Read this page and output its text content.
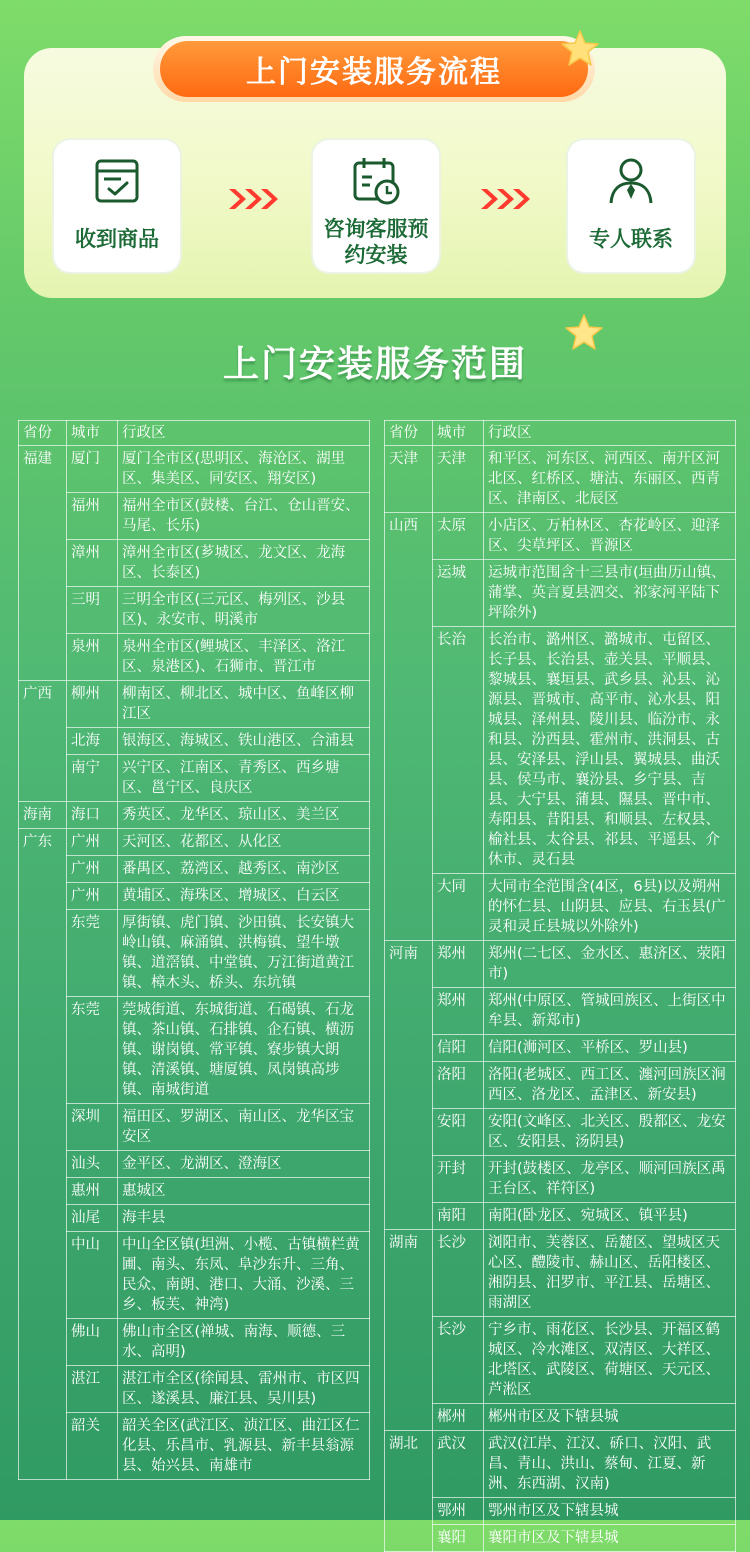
上门安装服务流程
收到商品	咨询客服预约安装
专人联系
上门安装服务范围
省份	城市	行政区
福建	厦门	厦门全市区(思明区、海沧区、湖里区、集美区、同安区、翔安区)
	福州	福州全市区(鼓楼、台江、仓山晋安、马尾、长乐)
	漳州	漳州全市区(芗城区、龙文区、龙海区、长泰区)
	三明	三明全市区(三元区、梅列区、沙县区)、永安市、明溪市
	泉州	泉州全市区(鲤城区、丰泽区、洛江区、泉港区)、石狮市、晋江市
广西	柳州	柳南区、柳北区、城中区、鱼峰区柳江区
	北海	银海区、海城区、铁山港区、合浦县
	南宁	兴宁区、江南区、青秀区、西乡塘区、邕宁区、良庆区
海南	海口	秀英区、龙华区、琼山区、美兰区
广东	广州	天河区、花都区、从化区
	广州	番禺区、荔湾区、越秀区、南沙区
	广州	黄埔区、海珠区、增城区、白云区
	东莞	厚街镇、虎门镇、沙田镇、长安镇大岭山镇、麻涌镇、洪梅镇、望牛墩镇、道滘镇、中堂镇、万江街道黄江镇、樟木头、桥头、东坑镇
	东莞	莞城街道、东城街道、石碣镇、石龙镇、茶山镇、石排镇、企石镇、横沥镇、谢岗镇、常平镇、寮步镇大朗镇、清溪镇、塘厦镇、凤岗镇高埗镇、南城街道
	深圳	福田区、罗湖区、南山区、龙华区宝安区
	汕头	金平区、龙湖区、澄海区
	惠州	惠城区
	汕尾	海丰县
	中山	中山全区镇(坦洲、小榄、古镇横栏黄圃、南头、东凤、阜沙东升、三角、民众、南朗、港口、大涌、沙溪、三乡、板芙、神湾)
	佛山	佛山市全区(禅城、南海、顺德、三水、高明)
	湛江	湛江市全区(徐闻县、雷州市、市区四区、遂溪县、廉江县、吴川县)
	韶关	韶关全区(武江区、浈江区、曲江区仁化县、乐昌市、乳源县、新丰县翁源县、始兴县、南雄市
省份	城市	行政区
天津	天津	和平区、河东区、河西区、南开区河北区、红桥区、塘沽、东丽区、西青区、津南区、北辰区
山西	太原	小店区、万柏林区、杏花岭区、迎泽区、尖草坪区、晋源区
	运城	运城市范围含十三县市(垣曲历山镇、蒲掌、英言夏县泗交、祁家河平陆下坪除外)
	长治	长治市、潞州区、潞城市、屯留区、长子县、长治县、壶关县、平顺县、黎城县、襄垣县、武乡县、沁县、沁源县、晋城市、高平市、沁水县、阳城县、泽州县、陵川县、临汾市、永和县、汾西县、霍州市、洪洞县、古县、安泽县、浮山县、翼城县、曲沃县、侯马市、襄汾县、乡宁县、吉县、大宁县、蒲县、隰县、晋中市、寿阳县、昔阳县、和顺县、左权县、榆社县、太谷县、祁县、平遥县、介休市、灵石县
	大同	大同市全范围含(4区，6县)以及朔州的怀仁县、山阴县、应县、右玉县(广灵和灵丘县城以外除外)
河南	郑州	郑州(二七区、金水区、惠济区、荥阳市)
	郑州	郑州(中原区、管城回族区、上街区中牟县、新郑市)
	信阳	信阳(浉河区、平桥区、罗山县)
	洛阳	洛阳(老城区、西工区、瀍河回族区涧西区、洛龙区、孟津区、新安县)
	安阳	安阳(文峰区、北关区、殷都区、龙安区、安阳县、汤阴县)
	开封	开封(鼓楼区、龙亭区、顺河回族区禹王台区、祥符区)
	南阳	南阳(卧龙区、宛城区、镇平县)
湖南	长沙	浏阳市、芙蓉区、岳麓区、望城区天心区、醴陵市、赫山区、岳阳楼区、湘阴县、汨罗市、平江县、岳塘区、雨湖区
	长沙	宁乡市、雨花区、长沙县、开福区鹤城区、冷水滩区、双清区、大祥区、北塔区、武陵区、荷塘区、天元区、芦淞区
	郴州	郴州市区及下辖县城
湖北	武汉	武汉(江岸、江汉、硚口、汉阳、武昌、青山、洪山、蔡甸、江夏、新洲、东西湖、汉南)
	鄂州	鄂州市区及下辖县城
	襄阳	襄阳市区及下辖县城
